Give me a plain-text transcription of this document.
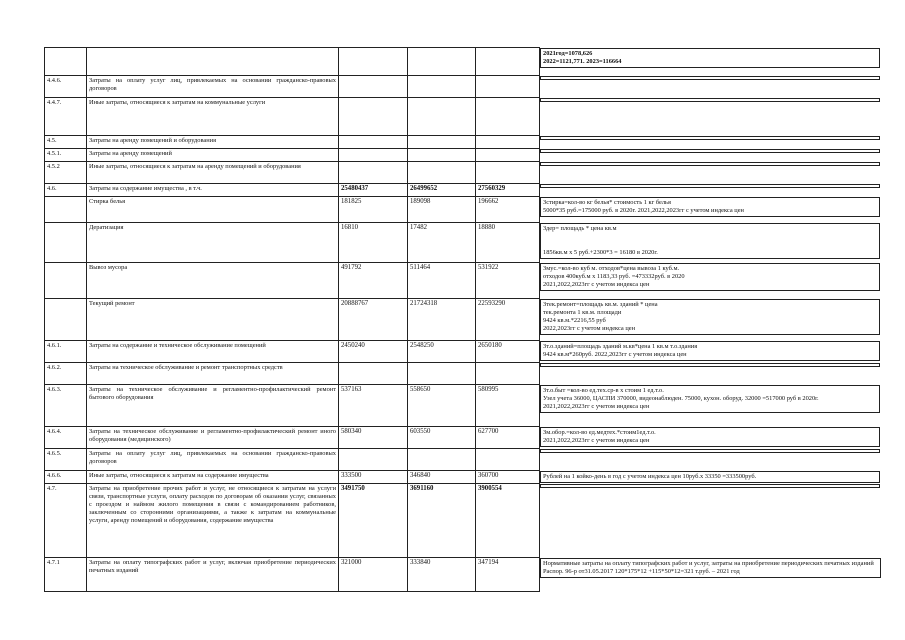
2021год=1078,626
2022=1121,771. 2023=116664

4.4.6.	Затраты на оплату услуг лиц, привлекаемых на основании гражданско-правовых договоров				

4.4.7.	Иные затраты, относящиеся к затратам на коммунальные услуги				

4.5.	Затраты на аренду помещений и оборудования				

4.5.1.	Затраты на аренду помещений				

4.5.2	Иные затраты, относящиеся к затратам на аренду помещений и оборудования				

4.6.	Затраты на содержание имущества , в т.ч.	25480437	26499652	27560329	

	Стирка белья	181825	189098	196662		Зстирка=кол-во кг белья* стоимость 1 кг белья
5000*35 руб.=175000 руб. в 2020г. 2021,2022,2023гг с учетом индекса цен

	Дератизация	16810	17482	18880		Здер= площадь * цена кв.м

1856кв.м х 5 руб.+2300*3 = 16180 в 2020г.

	Вывоз мусора	491792	511464	531922		Змус.=кол-во куб м. отходов*цена вывоза 1 куб.м.
отходов 400куб.м х 1183,33 руб. =473332руб. в 2020
2021,2022,2023гг с учетом индекса цен

	Текущий ремонт	20888767	21724318	22593290		Зтек.ремонт=площадь кв.м. зданий * цена
тек.ремонта 1 кв.м. площади
9424 кв.м.*2216,55 руб
2022,2023гг с учетом индекса цен

4.6.1.	Затраты на содержание и техническое обслуживание помещений	2450240	2548250	2650180		Зт.о.зданий=площадь зданий м.кв*цена 1 кв.м т.о.здания
9424 кв.м*260руб. 2022,2023гг с учетом индекса цен

4.6.2.	Затраты на техническое обслуживание и ремонт транспортных средств				

4.6.3.	Затраты на техническое обслуживание и регламентно-профилактический ремонт бытового оборудования	537163	558650	580995		Зт.о.быт =кол-во ед.тех.ср-в х стоим 1 ед.т.о.
Узел учета 36000, ЦАСПИ 370000, видеонаблюден. 75000, кухон. оборуд. 32000 =517000 руб в 2020г.
2021,2022,2023гг с учетом индекса цен

4.6.4.	Затраты на техническое обслуживание и регламентно-профилактический ремонт иного оборудования (медицинского)	580340	603550	627700		Зм.обор.=кол-во ед.медтех.*стоим1ед.т.о.
2021,2022,2023гг с учетом индекса цен

4.6.5.	Затраты на оплату услуг лиц, привлекаемых на основании гражданско-правовых договоров				

4.6.6.	Иные затраты, относящиеся к затратам на содержание имущества	333500	346840	360700		Рублей на 1 койко-день в год с учетом индекса цен 10руб.х 33350 =333500руб.

4.7.	Затраты на приобретение прочих работ и услуг, не относящиеся к затратам на услуги связи, транспортные услуги, оплату расходов по договорам об оказании услуг, связанных с проездом и наймом жилого помещения в связи с командированием работников, заключенным со сторонними организациями, а также к затратам на коммунальные услуги, аренду помещений и оборудования, содержание имущества	3491750	3691160	3900554	

4.7.1	Затраты на оплату типографских работ и услуг, включая приобретение периодических печатных изданий	321000	333840	347194		Нормативные затраты на оплату типографских работ и услуг, затраты на приобретение периодических печатных изданий Распор. 96-р от31.05.2017 120*175*12 +115*50*12=321 т.руб. – 2021 год
